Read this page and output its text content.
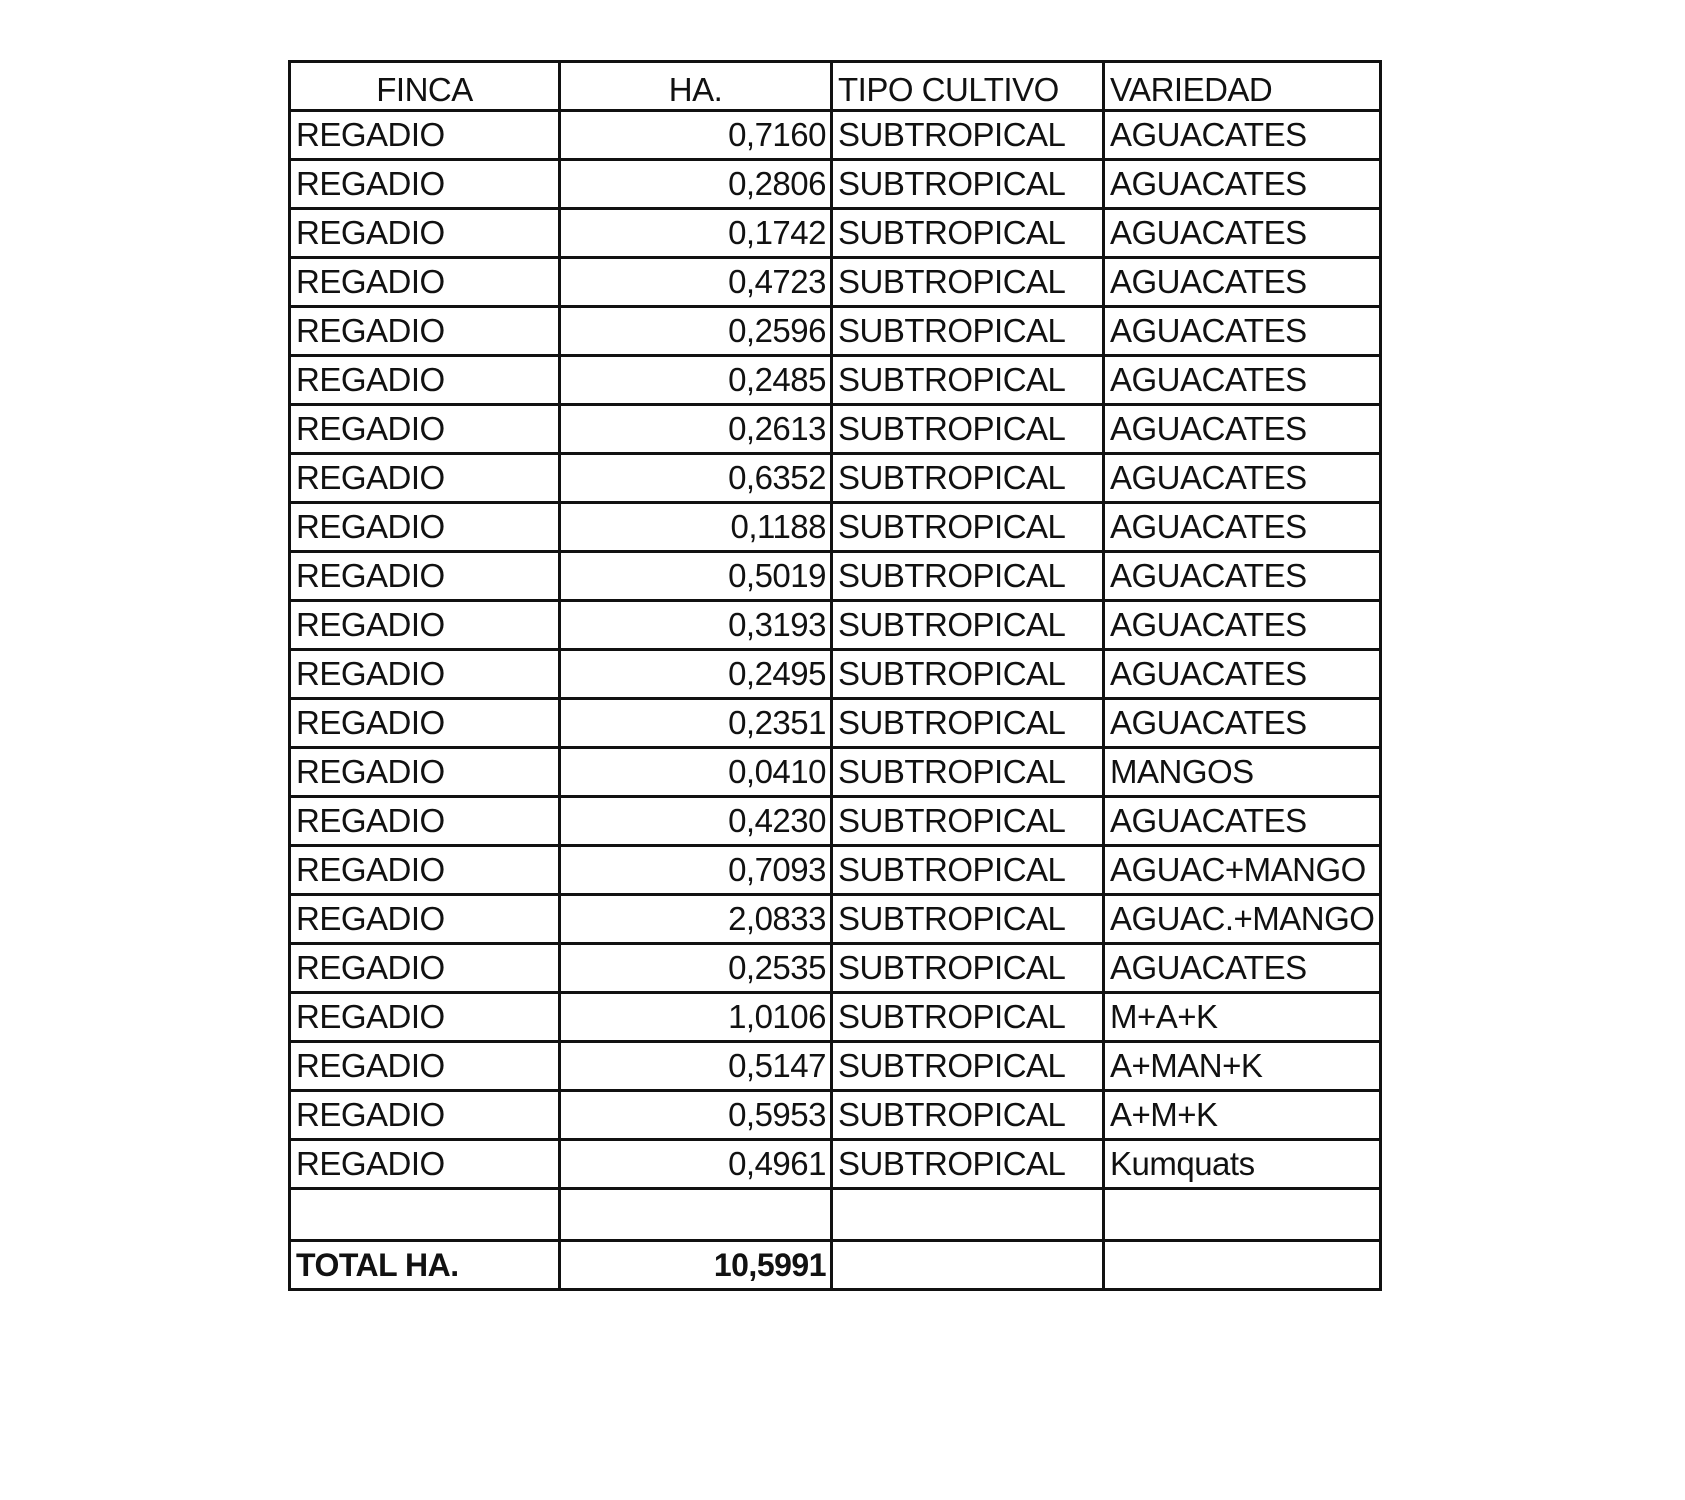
FINCA	HA.	TIPO CULTIVO	VARIEDAD
REGADIO	0,7160	SUBTROPICAL	AGUACATES
REGADIO	0,2806	SUBTROPICAL	AGUACATES
REGADIO	0,1742	SUBTROPICAL	AGUACATES
REGADIO	0,4723	SUBTROPICAL	AGUACATES
REGADIO	0,2596	SUBTROPICAL	AGUACATES
REGADIO	0,2485	SUBTROPICAL	AGUACATES
REGADIO	0,2613	SUBTROPICAL	AGUACATES
REGADIO	0,6352	SUBTROPICAL	AGUACATES
REGADIO	0,1188	SUBTROPICAL	AGUACATES
REGADIO	0,5019	SUBTROPICAL	AGUACATES
REGADIO	0,3193	SUBTROPICAL	AGUACATES
REGADIO	0,2495	SUBTROPICAL	AGUACATES
REGADIO	0,2351	SUBTROPICAL	AGUACATES
REGADIO	0,0410	SUBTROPICAL	MANGOS
REGADIO	0,4230	SUBTROPICAL	AGUACATES
REGADIO	0,7093	SUBTROPICAL	AGUAC+MANGO
REGADIO	2,0833	SUBTROPICAL	AGUAC.+MANGO
REGADIO	0,2535	SUBTROPICAL	AGUACATES
REGADIO	1,0106	SUBTROPICAL	M+A+K
REGADIO	0,5147	SUBTROPICAL	A+MAN+K
REGADIO	0,5953	SUBTROPICAL	A+M+K
REGADIO	0,4961	SUBTROPICAL	Kumquats

TOTAL HA.	10,5991		
